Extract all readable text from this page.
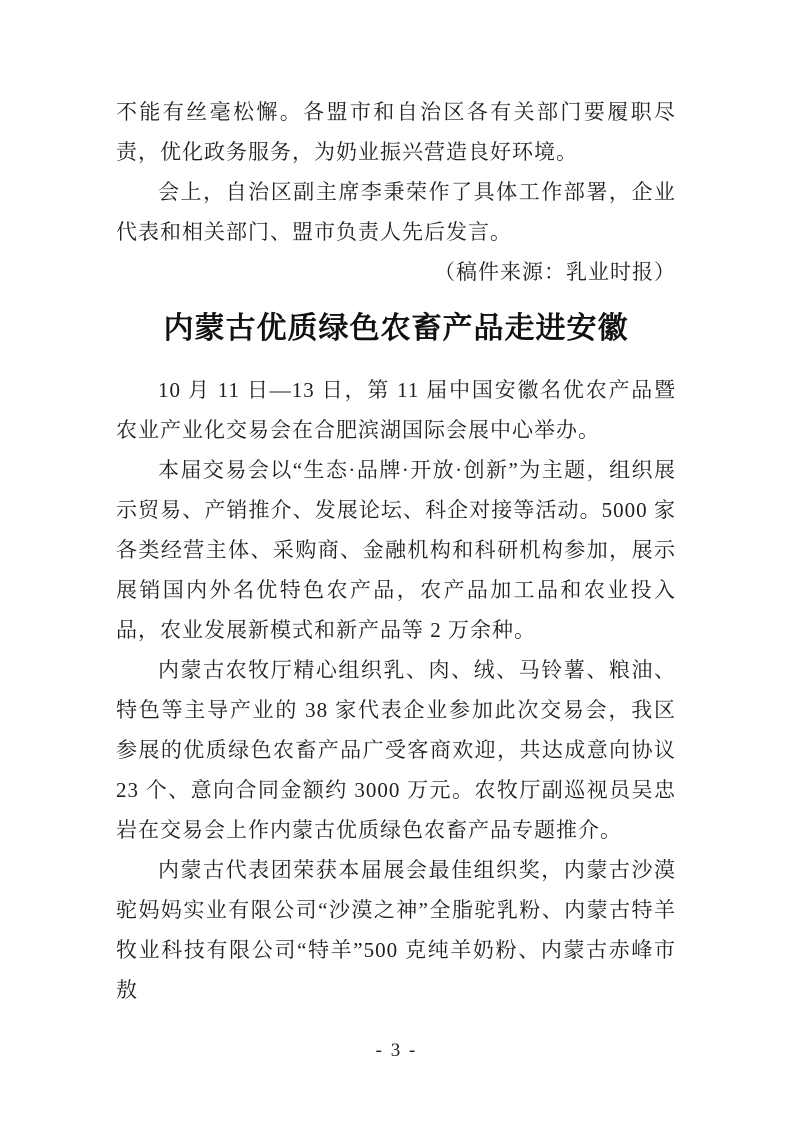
不能有丝毫松懈。各盟市和自治区各有关部门要履职尽责，优化政务服务，为奶业振兴营造良好环境。

会上，自治区副主席李秉荣作了具体工作部署，企业代表和相关部门、盟市负责人先后发言。

（稿件来源：乳业时报）

内蒙古优质绿色农畜产品走进安徽

10 月 11 日—13 日，第 11 届中国安徽名优农产品暨农业产业化交易会在合肥滨湖国际会展中心举办。

本届交易会以“生态·品牌·开放·创新”为主题，组织展示贸易、产销推介、发展论坛、科企对接等活动。5000 家各类经营主体、采购商、金融机构和科研机构参加，展示展销国内外名优特色农产品，农产品加工品和农业投入品，农业发展新模式和新产品等 2 万余种。

内蒙古农牧厅精心组织乳、肉、绒、马铃薯、粮油、特色等主导产业的 38 家代表企业参加此次交易会，我区参展的优质绿色农畜产品广受客商欢迎，共达成意向协议 23 个、意向合同金额约 3000 万元。农牧厅副巡视员吴忠岩在交易会上作内蒙古优质绿色农畜产品专题推介。

内蒙古代表团荣获本届展会最佳组织奖，内蒙古沙漠驼妈妈实业有限公司“沙漠之神”全脂驼乳粉、内蒙古特羊牧业科技有限公司“特羊”500 克纯羊奶粉、内蒙古赤峰市敖

- 3 -
